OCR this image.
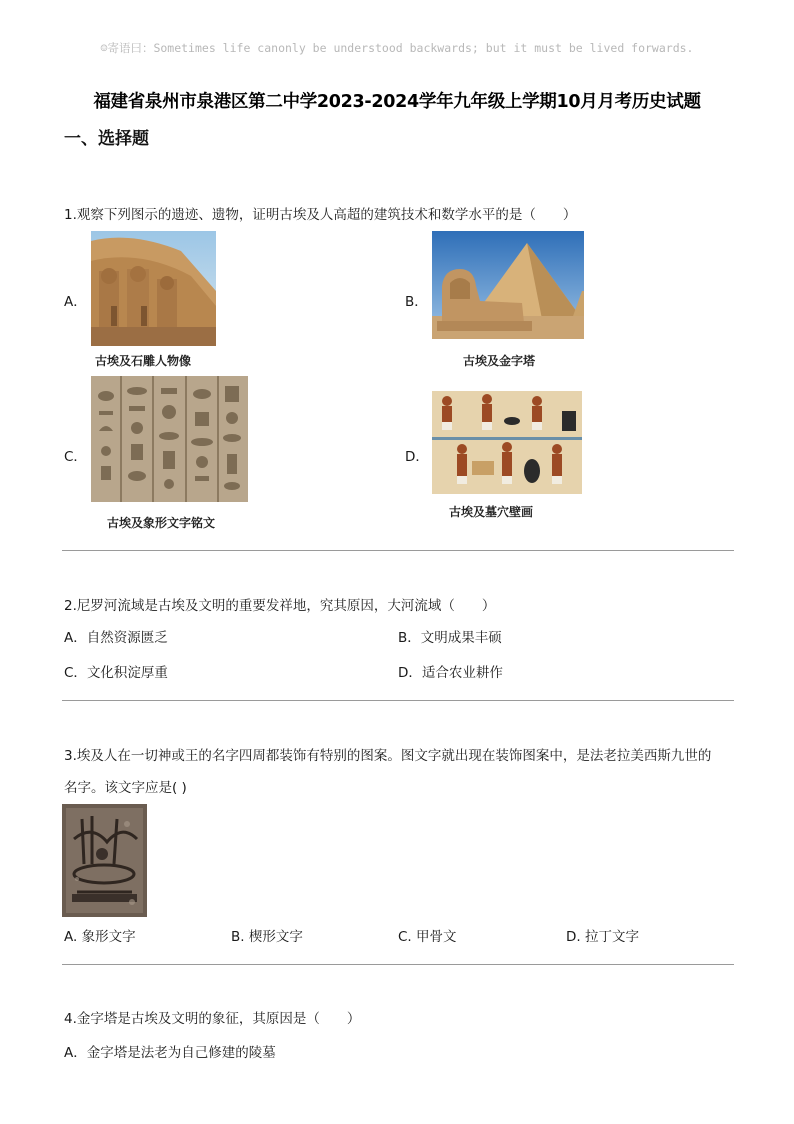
☺寄语曰：Sometimes life canonly be understood backwards; but it must be lived forwards.
福建省泉州市泉港区第二中学2023-2024学年九年级上学期10月月考历史试题
一、选择题
1.观察下列图示的遗迹、遗物，证明古埃及人高超的建筑技术和数学水平的是（　　）
A．
古埃及石雕人物像
B．
古埃及金字塔
C．
古埃及象形文字铭文
D．
古埃及墓穴壁画
2.尼罗河流域是古埃及文明的重要发祥地，究其原因，大河流域（　　）
A．自然资源匮乏	B．文明成果丰硕
C．文化积淀厚重	D．适合农业耕作
3.埃及人在一切神或王的名字四周都装饰有特别的图案。图文字就出现在装饰图案中，是法老拉美西斯九世的
名字。该文字应是( )
A. 象形文字	B. 楔形文字	C. 甲骨文	D. 拉丁文字
4.金字塔是古埃及文明的象征，其原因是（　　）
A．金字塔是法老为自己修建的陵墓
